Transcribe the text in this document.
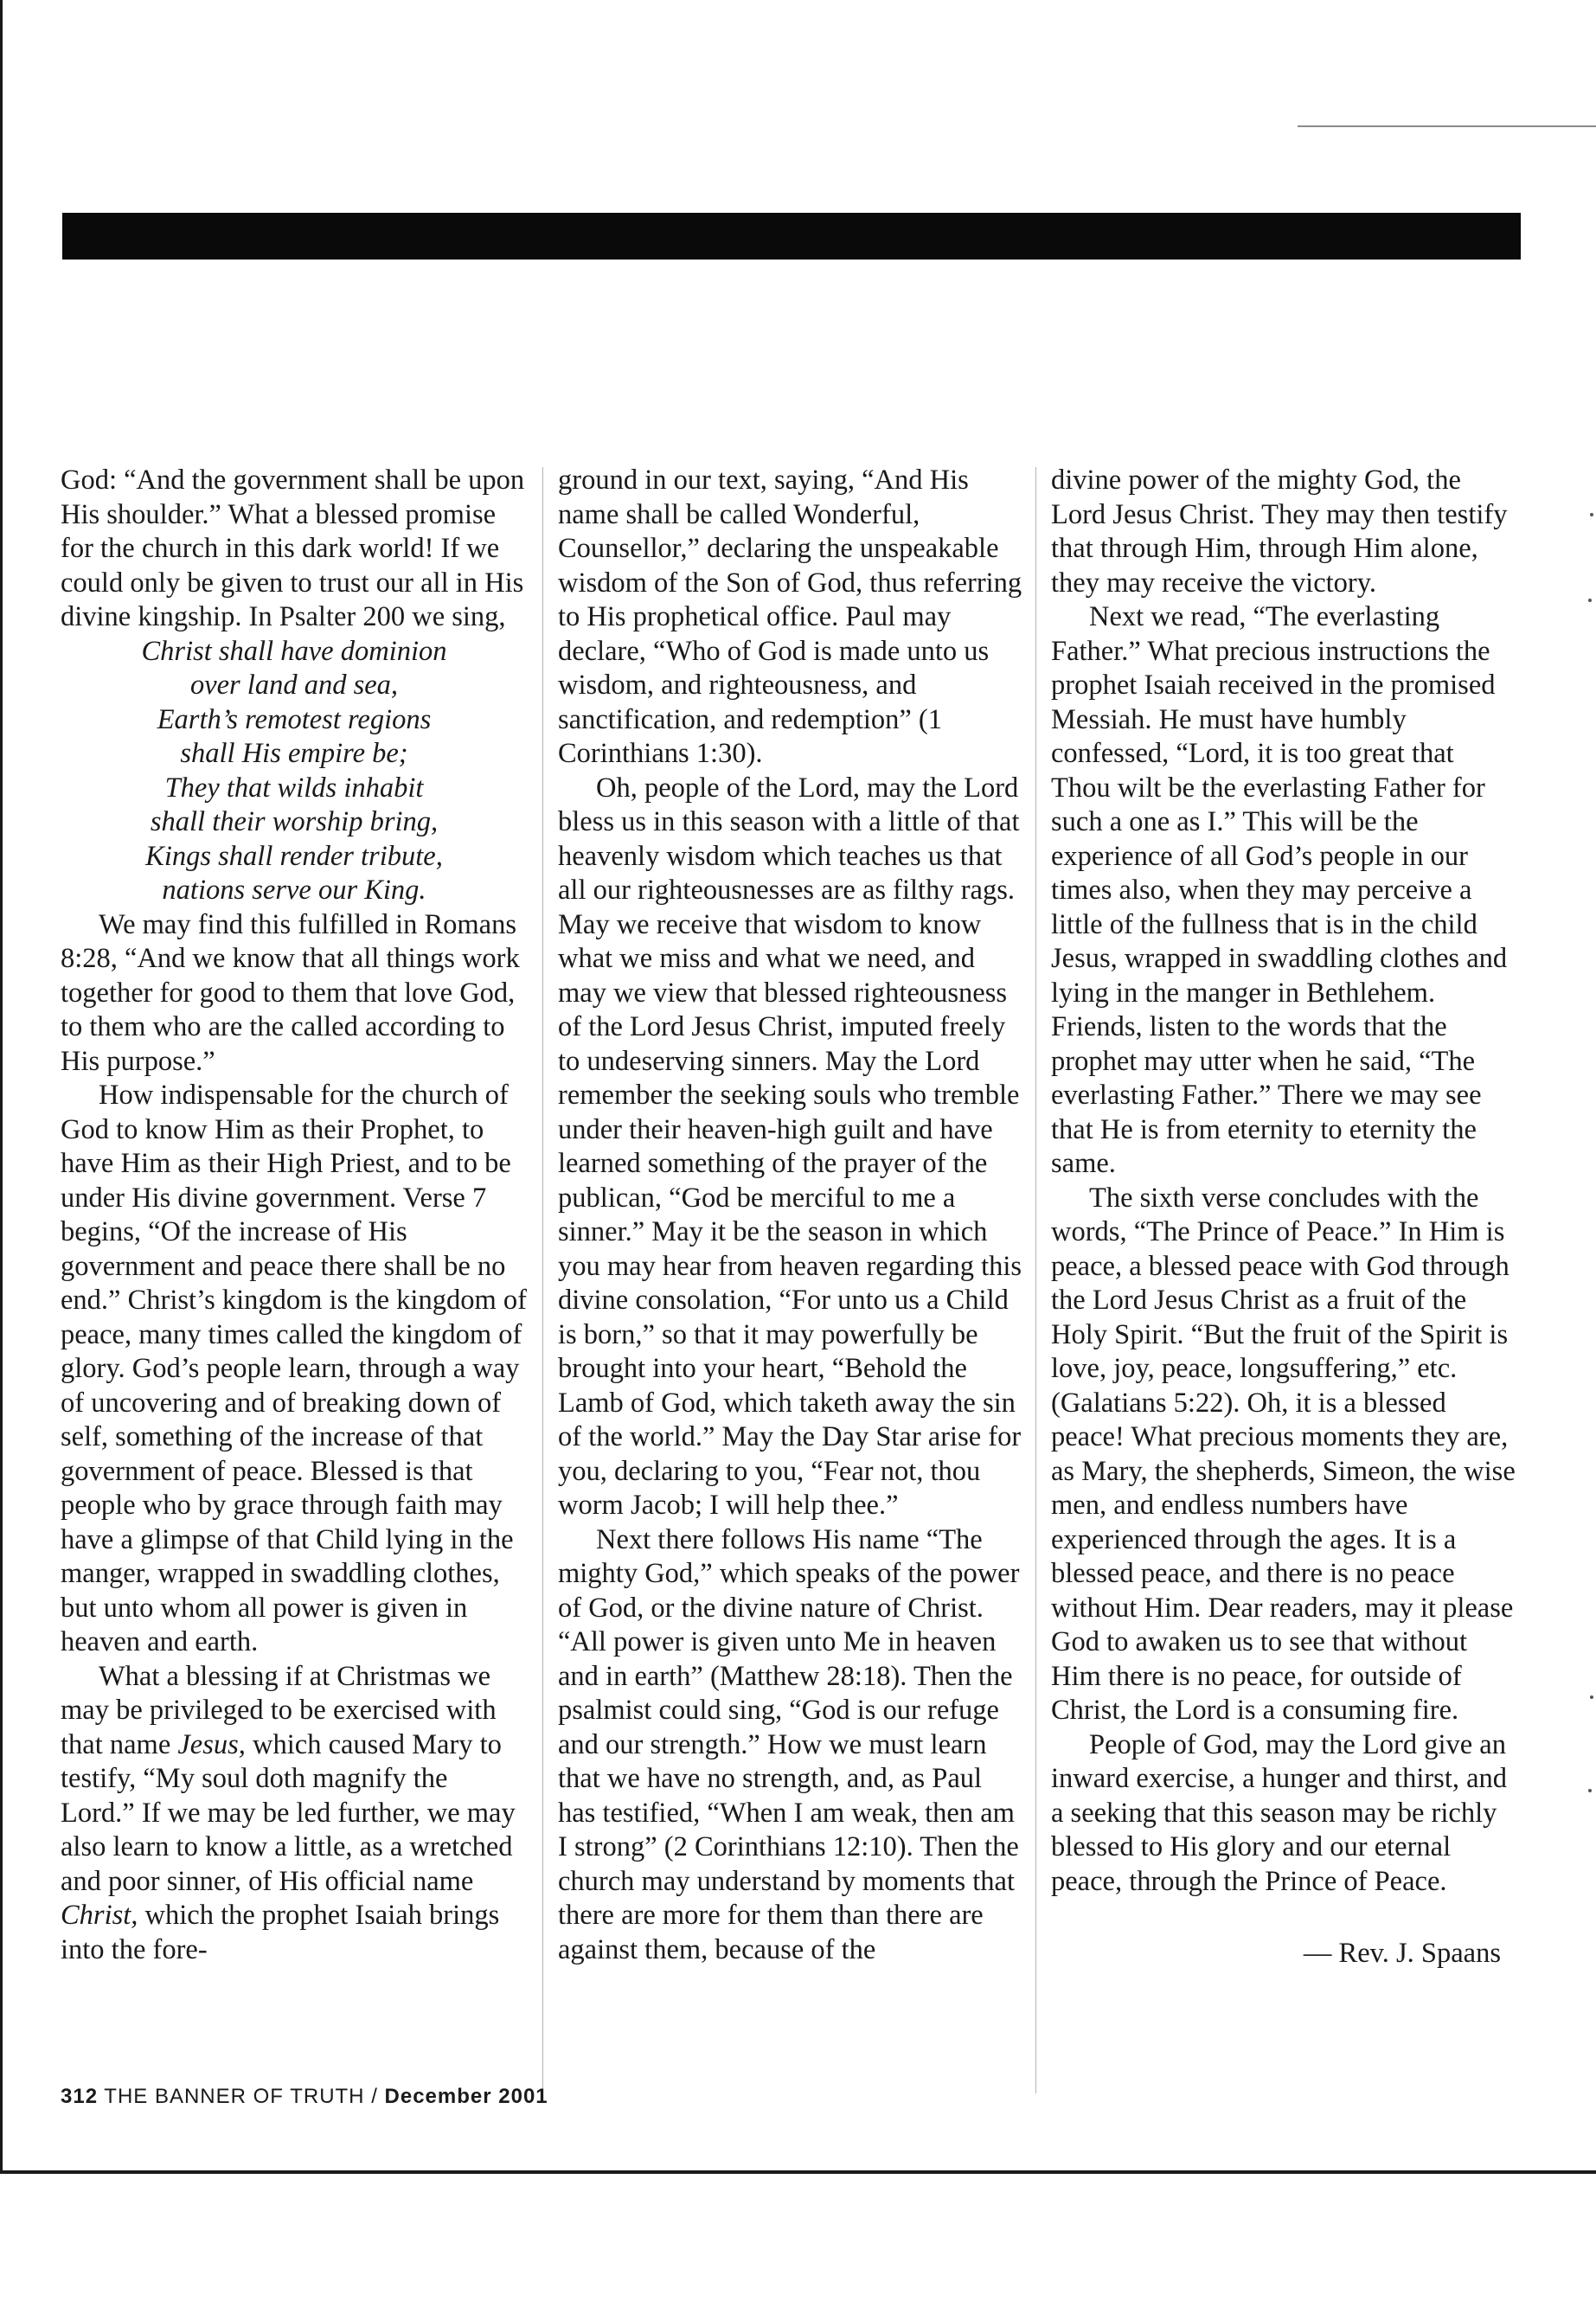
God: “And the government shall be upon His shoulder.” What a blessed promise for the church in this dark world! If we could only be given to trust our all in His divine kingship. In Psalter 200 we sing,

Christ shall have dominion
over land and sea,
Earth’s remotest regions
shall His empire be;
They that wilds inhabit
shall their worship bring,
Kings shall render tribute,
nations serve our King.

We may find this fulfilled in Romans 8:28, “And we know that all things work together for good to them that love God, to them who are the called according to His purpose.”

How indispensable for the church of God to know Him as their Prophet, to have Him as their High Priest, and to be under His divine government. Verse 7 begins, “Of the increase of His government and peace there shall be no end.” Christ’s kingdom is the kingdom of peace, many times called the kingdom of glory. God’s people learn, through a way of uncovering and of breaking down of self, something of the increase of that government of peace. Blessed is that people who by grace through faith may have a glimpse of that Child lying in the manger, wrapped in swaddling clothes, but unto whom all power is given in heaven and earth.

What a blessing if at Christmas we may be privileged to be exercised with that name Jesus, which caused Mary to testify, “My soul doth magnify the Lord.” If we may be led further, we may also learn to know a little, as a wretched and poor sinner, of His official name Christ, which the prophet Isaiah brings into the fore-

ground in our text, saying, “And His name shall be called Wonderful, Counsellor,” declaring the unspeakable wisdom of the Son of God, thus referring to His prophetical office. Paul may declare, “Who of God is made unto us wisdom, and righteousness, and sanctification, and redemption” (1 Corinthians 1:30).

Oh, people of the Lord, may the Lord bless us in this season with a little of that heavenly wisdom which teaches us that all our righteousnesses are as filthy rags. May we receive that wisdom to know what we miss and what we need, and may we view that blessed righteousness of the Lord Jesus Christ, imputed freely to undeserving sinners. May the Lord remember the seeking souls who tremble under their heaven-high guilt and have learned something of the prayer of the publican, “God be merciful to me a sinner.” May it be the season in which you may hear from heaven regarding this divine consolation, “For unto us a Child is born,” so that it may powerfully be brought into your heart, “Behold the Lamb of God, which taketh away the sin of the world.” May the Day Star arise for you, declaring to you, “Fear not, thou worm Jacob; I will help thee.”

Next there follows His name “The mighty God,” which speaks of the power of God, or the divine nature of Christ. “All power is given unto Me in heaven and in earth” (Matthew 28:18). Then the psalmist could sing, “God is our refuge and our strength.” How we must learn that we have no strength, and, as Paul has testified, “When I am weak, then am I strong” (2 Corinthians 12:10). Then the church may understand by moments that there are more for them than there are against them, because of the

divine power of the mighty God, the Lord Jesus Christ. They may then testify that through Him, through Him alone, they may receive the victory.

Next we read, “The everlasting Father.” What precious instructions the prophet Isaiah received in the promised Messiah. He must have humbly confessed, “Lord, it is too great that Thou wilt be the everlasting Father for such a one as I.” This will be the experience of all God’s people in our times also, when they may perceive a little of the fullness that is in the child Jesus, wrapped in swaddling clothes and lying in the manger in Bethlehem. Friends, listen to the words that the prophet may utter when he said, “The everlasting Father.” There we may see that He is from eternity to eternity the same.

The sixth verse concludes with the words, “The Prince of Peace.” In Him is peace, a blessed peace with God through the Lord Jesus Christ as a fruit of the Holy Spirit. “But the fruit of the Spirit is love, joy, peace, longsuffering,” etc. (Galatians 5:22). Oh, it is a blessed peace! What precious moments they are, as Mary, the shepherds, Simeon, the wise men, and endless numbers have experienced through the ages. It is a blessed peace, and there is no peace without Him. Dear readers, may it please God to awaken us to see that without Him there is no peace, for outside of Christ, the Lord is a consuming fire.

People of God, may the Lord give an inward exercise, a hunger and thirst, and a seeking that this season may be richly blessed to His glory and our eternal peace, through the Prince of Peace.

— Rev. J. Spaans

312 THE BANNER OF TRUTH / December 2001
